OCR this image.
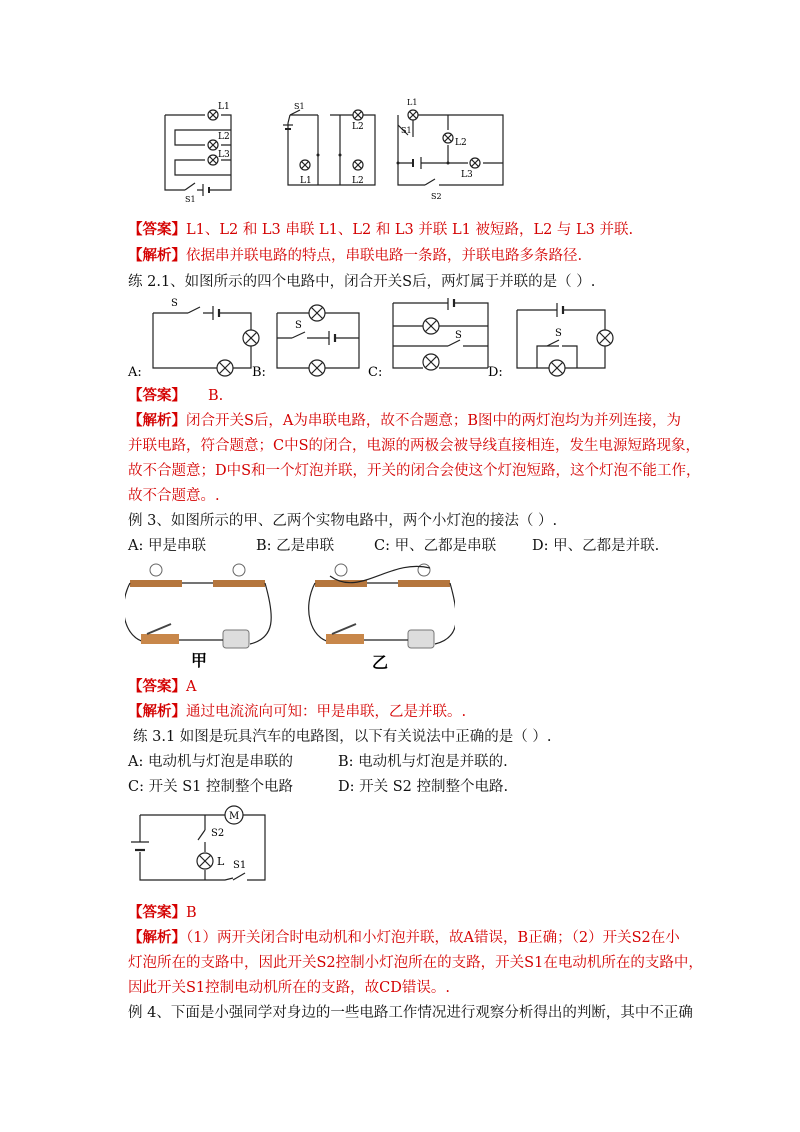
L1
L2
L3
S1
S1
L2
L1	L2
L1
S1
L2
L3
S2
【答案】L1、L2 和 L3 串联 L1、L2 和 L3 并联 L1 被短路，L2 与 L3 并联.
【解析】依据串并联电路的特点，串联电路一条路，并联电路多条路径.
练 2.1、如图所示的四个电路中，闭合开关S后，两灯属于并联的是（ ）.
A:
S
B:
S
C:
S
D:
S
【答案】 B.
【解析】闭合开关S后，A为串联电路，故不合题意；B图中的两灯泡均为并列连接，为
并联电路，符合题意；C中S的闭合，电源的两极会被导线直接相连，发生电源短路现象，
故不合题意；D中S和一个灯泡并联，开关的闭合会使这个灯泡短路，这个灯泡不能工作，
故不合题意。.
例 3、如图所示的甲、乙两个实物电路中，两个小灯泡的接法（ ）.
A: 甲是串联	B: 乙是串联	C: 甲、乙都是串联 D: 甲、乙都是并联.
甲	乙
【答案】A
【解析】通过电流流向可知：甲是串联，乙是并联。.
练 3.1 如图是玩具汽车的电路图，以下有关说法中正确的是（ ）.
A: 电动机与灯泡是串联的	B: 电动机与灯泡是并联的.
C: 开关 S1 控制整个电路	D: 开关 S2 控制整个电路.
M
S2
L S1
【答案】B
【解析】（1）两开关闭合时电动机和小灯泡并联，故A错误，B正确；（2）开关S2在小
灯泡所在的支路中，因此开关S2控制小灯泡所在的支路，开关S1在电动机所在的支路中，
因此开关S1控制电动机所在的支路，故CD错误。.
例 4、下面是小强同学对身边的一些电路工作情况进行观察分析得出的判断，其中不正确
